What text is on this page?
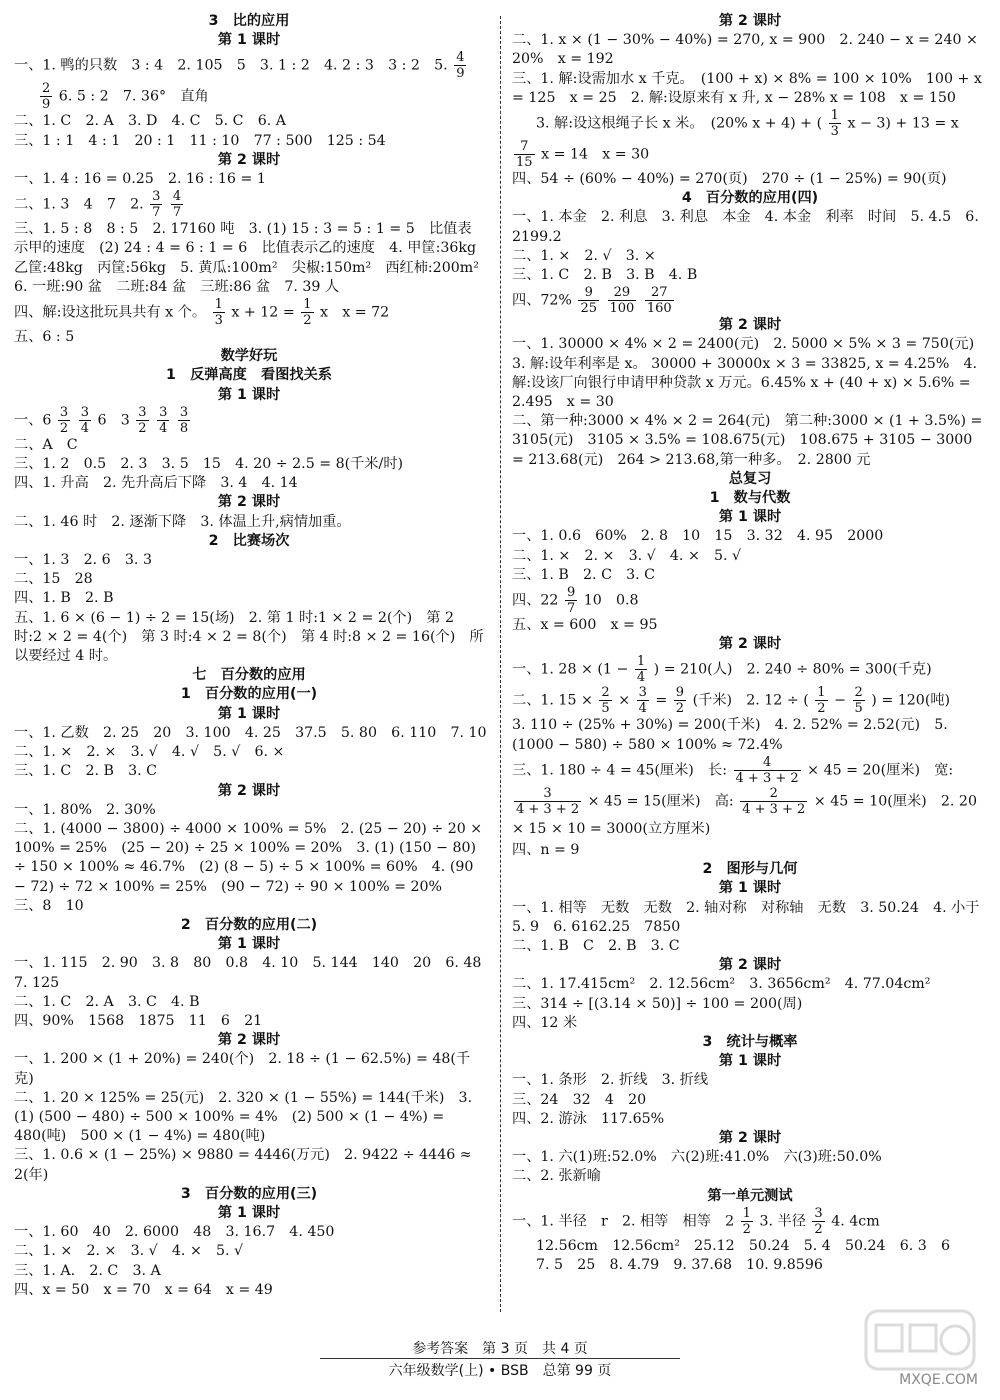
3　比的应用
第 1 课时
一、1. 鸭的只数　3 : 4　2. 105　5　3. 1 : 2　4. 2 : 3　3 : 2　5. $\frac{4}{9}$
$\frac{2}{9} 6$. 5 : 2　7. 36°　直角
二、1. C　2. A　3. D　4. C　5. C　6. A
三、1 : 1　4 : 1　20 : 1　11 : 10　77 : 500　125 : 54
第 2 课时
一、1. 4 : 16 = 0.25　2. 16 : 16 = 1
二、1. 3　4　7　2. $\frac{3}{7}$
$\frac{4}{7}$
三、1. 5 : 8　8 : 5　2. 17160 吨　3. (1) 15 : 3 = 5 : 1 = 5　比值表示甲的速度　(2) 24 : 4 = 6 : 1 = 6　比值表示乙的速度　4. 甲筐:36kg　乙筐:48kg　丙筐:56kg　5. 黄瓜:100m²　尖椒:150m²　西红柿:200m²　6. 一班:90 盆　二班:84 盆　三班:86 盆　7. 39 人
四、解:设这批玩具共有 x 个。 $\frac{1}{3}$ $x + 12 = \frac{1}{2}$ x　x = 72
五、6 : 5
数学好玩
1　反弹高度　看图找关系
第 1 课时
一、$6 \frac{3}{2}$
$\frac{3}{4} 6$　$3 \frac{3}{2}$
$\frac{3}{4}$
$\frac{3}{8}$
二、A　C
三、1. 2　0.5　2. 3　3. 5　15　4. 20 ÷ 2.5 = 8(千米/时)
四、1. 升高　2. 先升高后下降　3. 4　4. 14
第 2 课时
二、1. 46 时　2. 逐渐下降　3. 体温上升,病情加重。
2　比赛场次
一、1. 3　2. 6　3. 3
二、15　28
四、1. B　2. B
五、1. 6 × (6 − 1) ÷ 2 = 15(场)　2. 第 1 时:1 × 2 = 2(个)　第 2 时:2 × 2 = 4(个)　第 3 时:4 × 2 = 8(个)　第 4 时:8 × 2 = 16(个)　所以要经过 4 时。
七　百分数的应用
1　百分数的应用(一)
第 1 课时
一、1. 乙数　2. 25　20　3. 100　4. 25　37.5　5. 80　6. 110　7. 10
二、1. ×　2. ×　3. √　4. √　5. √　6. ×
三、1. C　2. B　3. C
第 2 课时
一、1. 80%　2. 30%
二、1. (4000 − 3800) ÷ 4000 × 100% = 5%　2. (25 − 20) ÷ 20 × 100% = 25%　(25 − 20) ÷ 25 × 100% = 20%　3. (1) (150 − 80) ÷ 150 × 100% ≈ 46.7%　(2) (8 − 5) ÷ 5 × 100% = 60%　4. (90 − 72) ÷ 72 × 100% = 25%　(90 − 72) ÷ 90 × 100% = 20%
三、8　10
2　百分数的应用(二)
第 1 课时
一、1. 115　2. 90　3. 8　80　0.8　4. 10　5. 144　140　20　6. 48　7. 125
二、1. C　2. A　3. C　4. B
四、90%　1568　1875　11　6　21
第 2 课时
一、1. 200 × (1 + 20%) = 240(个)　2. 18 ÷ (1 − 62.5%) = 48(千克)
二、1. 20 × 125% = 25(元)　2. 320 × (1 − 55%) = 144(千米)　3. (1) (500 − 480) ÷ 500 × 100% = 4%　(2) 500 × (1 − 4%) = 480(吨)　500 × (1 − 4%) = 480(吨)
三、1. 0.6 × (1 − 25%) × 9880 = 4446(万元)　2. 9422 ÷ 4446 ≈ 2(年)
3　百分数的应用(三)
第 1 课时
一、1. 60　40　2. 6000　48　3. 16.7　4. 450
二、1. ×　2. ×　3. √　4. ×　5. √
三、1. A.　2. C　3. A
四、x = 50　x = 70　x = 64　x = 49
第 2 课时
二、1. x × (1 − 30% − 40%) = 270, x = 900　2. 240 − x = 240 × 20%　x = 192
三、1. 解:设需加水 x 千克。　(100 + x) × 8% = 100 × 10%　100 + x = 125　x = 25　2. 解:设原来有 x 升, x − 28% x = 108　x = 150
3. 解:设这根绳子长 x 米。　(20% x + 4) + ( $\frac{1}{3}$ x − 3) + 13 = x
$\frac{7}{15}$ x = 14　x = 30
四、54 ÷ (60% − 40%) = 270(页)　270 ÷ (1 − 25%) = 90(页)
4　百分数的应用(四)
一、1. 本金　2. 利息　3. 利息　本金　4. 本金　利率　时间　5. 4.5　6. 2199.2
二、1. ×　2. √　3. ×
三、1. C　2. B　3. B　4. B
四、$72\% \frac{9}{25}$
$\frac{29}{100}$
$\frac{27}{160}$
第 2 课时
一、1. 30000 × 4% × 2 = 2400(元)　2. 5000 × 5% × 3 = 750(元)　3. 解:设年利率是 x。 30000 + 30000x × 3 = 33825, x = 4.25%　4. 解:设该厂向银行申请甲种贷款 x 万元。6.45% x + (40 + x) × 5.6% = 2.495　x = 30
二、第一种:3000 × 4% × 2 = 264(元)　第二种:3000 × (1 + 3.5%) = 3105(元)　3105 × 3.5% = 108.675(元)　108.675 + 3105 − 3000 = 213.68(元)　264 > 213.68,第一种多。　2. 2800 元
总复习
1　数与代数
第 1 课时
一、1. 0.6　60%　2. 8　10　15　3. 32　4. 95　2000
二、1. ×　2. ×　3. √　4. ×　5. √
三、1. B　2. C　3. C
四、$22 \frac{9}{7} 10$　0.8
五、x = 600　x = 95
第 2 课时
一、1. $28 \times (1 - \frac{1}{4}$ ) = 210(人)　2. 240 ÷ 80% = 300(千克)
二、1. $15 \times \frac{2}{5} \times \frac{3}{4} = \frac{9}{2}$ (千米)　2. 12 ÷ ( $\frac{1}{2} - \frac{2}{5}$ ) = 120(吨)
3. 110 ÷ (25% + 30%) = 200(千米)　4. 2. 52% = 2.52(元)　5. (1000 − 580) ÷ 580 × 100% ≈ 72.4%
三、1. 180 ÷ 4 = 45(厘米)　长: $\frac{4}{4 + 3 + 2} \times 45 = 20$(厘米)　宽:
$\frac{3}{4 + 3 + 2} \times 45 = 15$(厘米)　高: $\frac{2}{4 + 3 + 2} \times 45 = 10$(厘米)　2. 20 × 15 × 10 = 3000(立方厘米)
四、n = 9
2　图形与几何
第 1 课时
一、1. 相等　无数　无数　2. 轴对称　对称轴　无数　3. 50.24　4. 小于　5. 9　6. 6162.25　7850
二、1. B　C　2. B　3. C
第 2 课时
二、1. 17.415cm²　2. 12.56cm²　3. 3656cm²　4. 77.04cm²
三、314 ÷ [(3.14 × 50)] ÷ 100 = 200(周)
四、12 米
3　统计与概率
第 1 课时
一、1. 条形　2. 折线　3. 折线
三、24　32　4　20
四、2. 游泳　117.65%
第 2 课时
一、1. 六(1)班:52.0%　六(2)班:41.0%　六(3)班:50.0%
二、2. 张新喻
第一单元测试
一、1. 半径　r　2. 相等　相等　$2 \frac{1}{2} 3$. 半径 $\frac{3}{2} 4$. 4cm
12.56cm　12.56cm²　25.12　50.24　5. 4　50.24　6. 3　6
7. 5　25　8. 4.79　9. 37.68　10. 9.8596
参考答案　第 3 页　共 4 页
六年级数学(上) • BSB　总第 99 页
MXQE.COM
